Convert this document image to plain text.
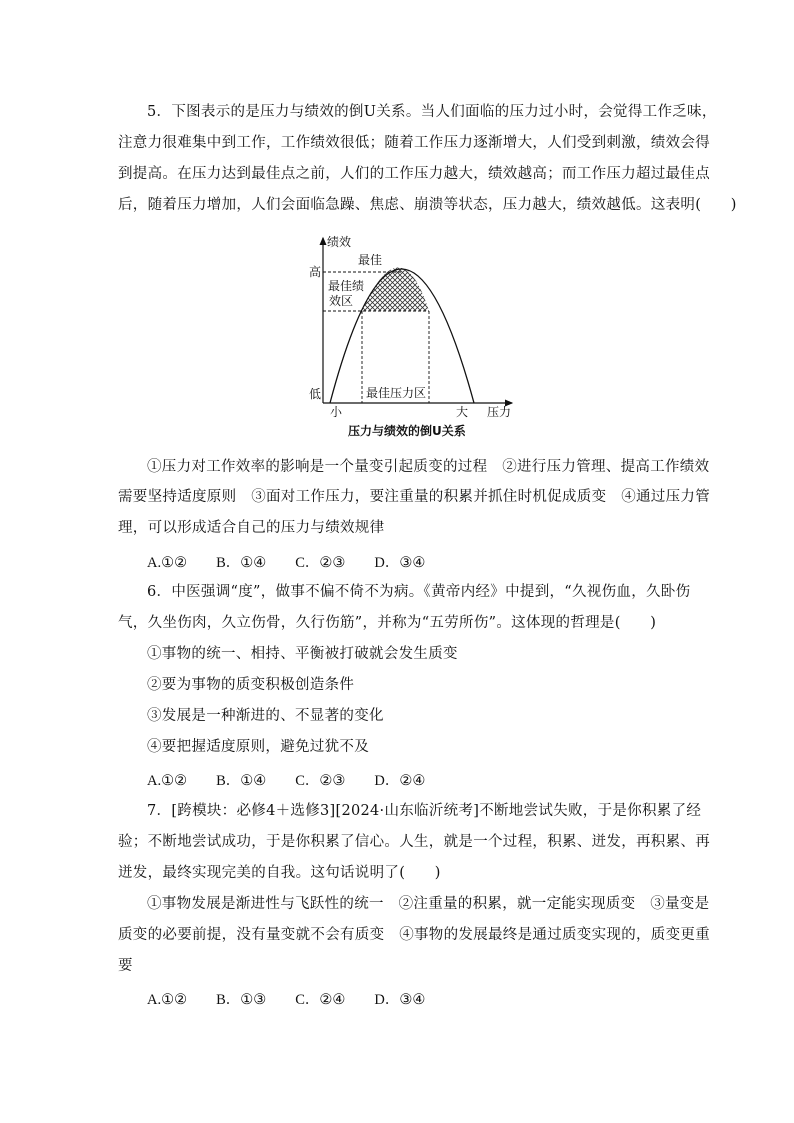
5．下图表示的是压力与绩效的倒U关系。当人们面临的压力过小时，会觉得工作乏味，
注意力很难集中到工作，工作绩效很低；随着工作压力逐渐增大，人们受到刺激，绩效会得
到提高。在压力达到最佳点之前，人们的工作压力越大，绩效越高；而工作压力超过最佳点
后，随着压力增加，人们会面临急躁、焦虑、崩溃等状态，压力越大，绩效越低。这表明(　　)
绩效
高
低
最佳
最佳绩
效区
最佳压力区
小	大 压力
压力与绩效的倒U关系
①压力对工作效率的影响是一个量变引起质变的过程　②进行压力管理、提高工作绩效
需要坚持适度原则　③面对工作压力，要注重量的积累并抓住时机促成质变　④通过压力管
理，可以形成适合自己的压力与绩效规律
A.①②　　B．①④　　C．②③　　D．③④
6．中医强调“度”，做事不偏不倚不为病。《黄帝内经》中提到，“久视伤血，久卧伤
气，久坐伤肉，久立伤骨，久行伤筋”，并称为“五劳所伤”。这体现的哲理是(　　)
①事物的统一、相持、平衡被打破就会发生质变
②要为事物的质变积极创造条件
③发展是一种渐进的、不显著的变化
④要把握适度原则，避免过犹不及
A.①②　　B．①④　　C．②③　　D．②④
7．[跨模块：必修4＋选修3][2024·山东临沂统考]不断地尝试失败，于是你积累了经
验；不断地尝试成功，于是你积累了信心。人生，就是一个过程，积累、迸发，再积累、再
迸发，最终实现完美的自我。这句话说明了(　　)
①事物发展是渐进性与飞跃性的统一　②注重量的积累，就一定能实现质变　③量变是
质变的必要前提，没有量变就不会有质变　④事物的发展最终是通过质变实现的，质变更重
要
A.①②　　B．①③　　C．②④　　D．③④
